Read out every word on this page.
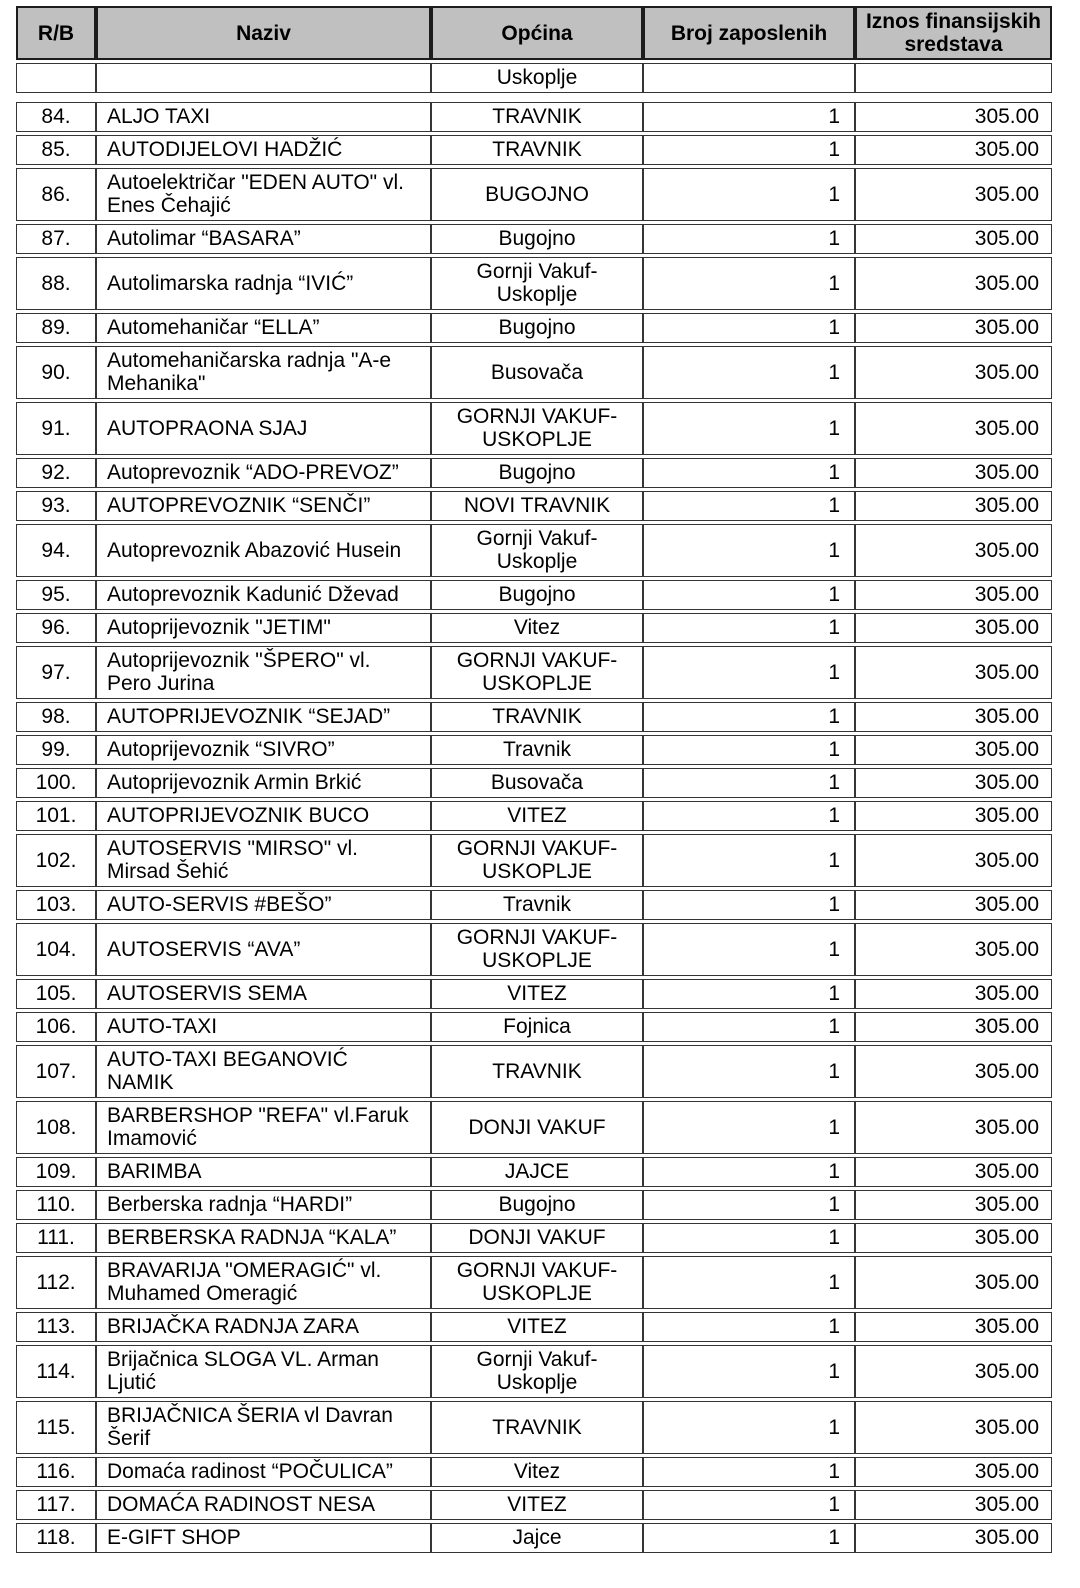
R/B	Naziv	Općina	Broj zaposlenih	Iznos finansijskih sredstava
		Uskoplje		

84.	ALJO TAXI	TRAVNIK	1	305.00
85.	AUTODIJELOVI HADŽIĆ	TRAVNIK	1	305.00
86.	Autoelektričar "EDEN AUTO" vl. Enes Čehajić	BUGOJNO	1	305.00
87.	Autolimar “BASARA”	Bugojno	1	305.00
88.	Autolimarska radnja “IVIĆ”	Gornji Vakuf-Uskoplje	1	305.00
89.	Automehaničar “ELLA”	Bugojno	1	305.00
90.	Automehaničarska radnja "A-e Mehanika"	Busovača	1	305.00
91.	AUTOPRAONA SJAJ	GORNJI VAKUF-USKOPLJE	1	305.00
92.	Autoprevoznik “ADO-PREVOZ”	Bugojno	1	305.00
93.	AUTOPREVOZNIK “SENČI”	NOVI TRAVNIK	1	305.00
94.	Autoprevoznik Abazović Husein	Gornji Vakuf-Uskoplje	1	305.00
95.	Autoprevoznik Kadunić Dževad	Bugojno	1	305.00
96.	Autoprijevoznik "JETIM"	Vitez	1	305.00
97.	Autoprijevoznik "ŠPERO" vl. Pero Jurina	GORNJI VAKUF-USKOPLJE	1	305.00
98.	AUTOPRIJEVOZNIK “SEJAD”	TRAVNIK	1	305.00
99.	Autoprijevoznik “SIVRO”	Travnik	1	305.00
100.	Autoprijevoznik Armin Brkić	Busovača	1	305.00
101.	AUTOPRIJEVOZNIK BUCO	VITEZ	1	305.00
102.	AUTOSERVIS "MIRSO" vl. Mirsad Šehić	GORNJI VAKUF-USKOPLJE	1	305.00
103.	AUTO-SERVIS #BEŠO”	Travnik	1	305.00
104.	AUTOSERVIS “AVA”	GORNJI VAKUF-USKOPLJE	1	305.00
105.	AUTOSERVIS SEMA	VITEZ	1	305.00
106.	AUTO-TAXI	Fojnica	1	305.00
107.	AUTO-TAXI BEGANOVIĆ NAMIK	TRAVNIK	1	305.00
108.	BARBERSHOP "REFA" vl.Faruk Imamović	DONJI VAKUF	1	305.00
109.	BARIMBA	JAJCE	1	305.00
110.	Berberska radnja “HARDI”	Bugojno	1	305.00
111.	BERBERSKA RADNJA “KALA”	DONJI VAKUF	1	305.00
112.	BRAVARIJA "OMERAGIĆ" vl. Muhamed Omeragić	GORNJI VAKUF-USKOPLJE	1	305.00
113.	BRIJAČKA RADNJA ZARA	VITEZ	1	305.00
114.	Brijačnica SLOGA VL. Arman Ljutić	Gornji Vakuf-Uskoplje	1	305.00
115.	BRIJAČNICA ŠERIA vl Davran Šerif	TRAVNIK	1	305.00
116.	Domaća radinost “POČULICA”	Vitez	1	305.00
117.	DOMAĆA RADINOST NESA	VITEZ	1	305.00
118.	E-GIFT SHOP	Jajce	1	305.00
